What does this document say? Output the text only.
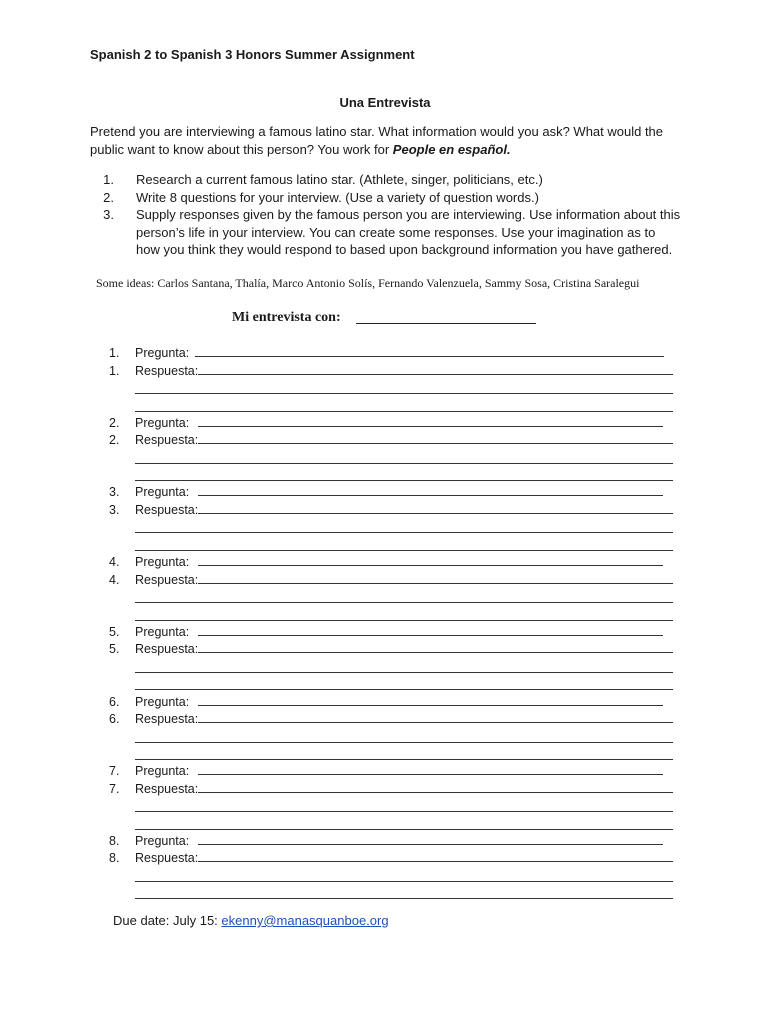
Spanish 2 to Spanish 3 Honors Summer Assignment
Una Entrevista
Pretend you are interviewing a famous latino star. What information would you ask? What would the public want to know about this person? You work for People en español.
1.	Research a current famous latino star. (Athlete, singer, politicians, etc.)
2.	Write 8 questions for your interview. (Use a variety of question words.)
3.	Supply responses given by the famous person you are interviewing. Use information about this person’s life in your interview. You can create some responses. Use your imagination as to how you think they would respond to based upon background information you have gathered.
Some ideas: Carlos Santana, Thalía, Marco Antonio Solís, Fernando Valenzuela, Sammy Sosa, Cristina Saralegui
Mi entrevista con:
1.	Pregunta:
1.	Respuesta:
2.	Pregunta:
2.	Respuesta:
3.	Pregunta:
3.	Respuesta:
4.	Pregunta:
4.	Respuesta:
5.	Pregunta:
5.	Respuesta:
6.	Pregunta:
6.	Respuesta:
7.	Pregunta:
7.	Respuesta:
8.	Pregunta:
8.	Respuesta:
Due date: July 15: ekenny@manasquanboe.org
